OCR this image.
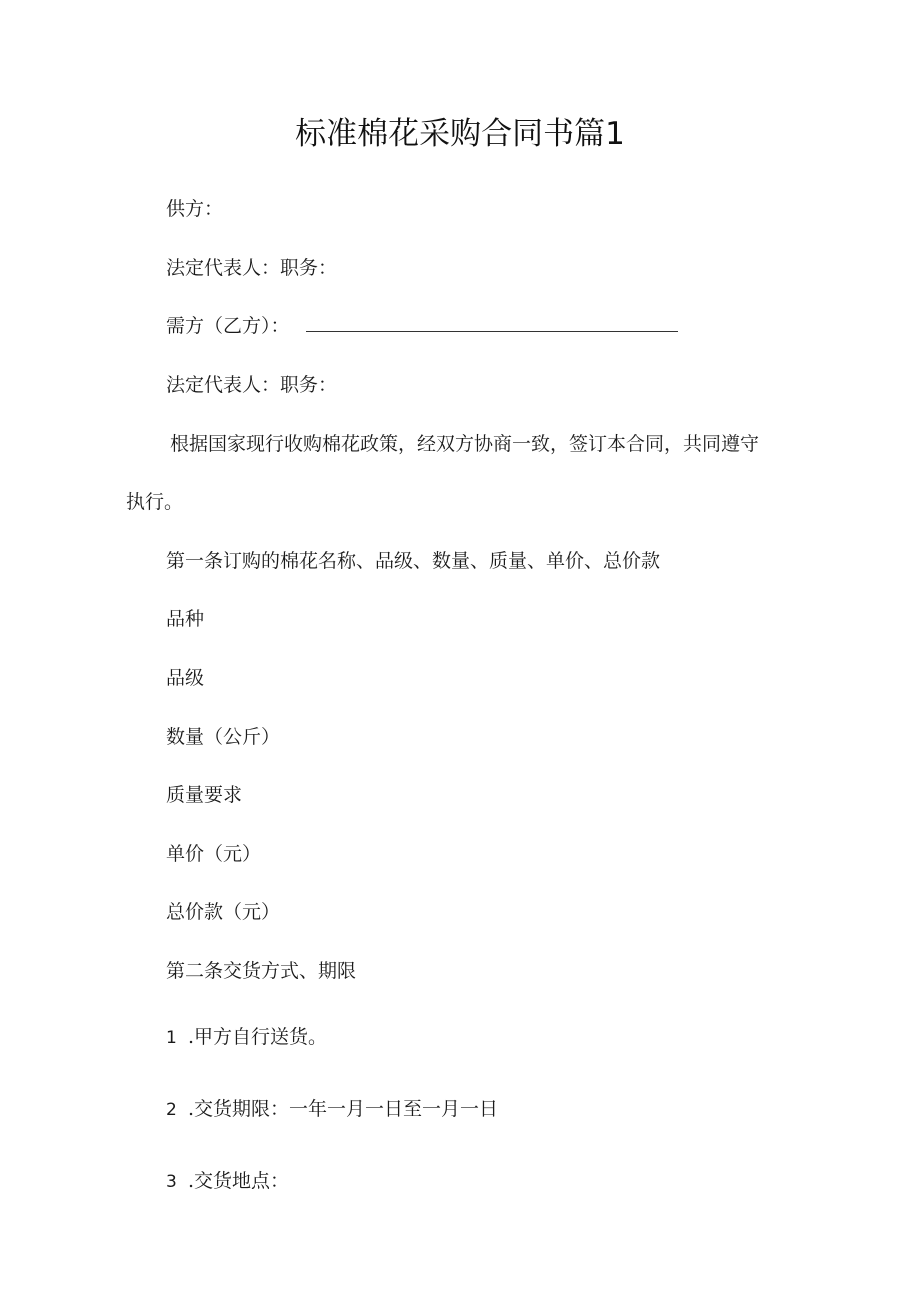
标准棉花采购合同书篇1
供方：
法定代表人：职务：
需方（乙方）：
法定代表人：职务：
根据国家现行收购棉花政策，经双方协商一致，签订本合同，共同遵守
执行。
第一条订购的棉花名称、品级、数量、质量、单价、总价款
品种
品级
数量（公斤）
质量要求
单价（元）
总价款（元）
第二条交货方式、期限
1 .甲方自行送货。
2 .交货期限：一年一月一日至一月一日
3 .交货地点：
